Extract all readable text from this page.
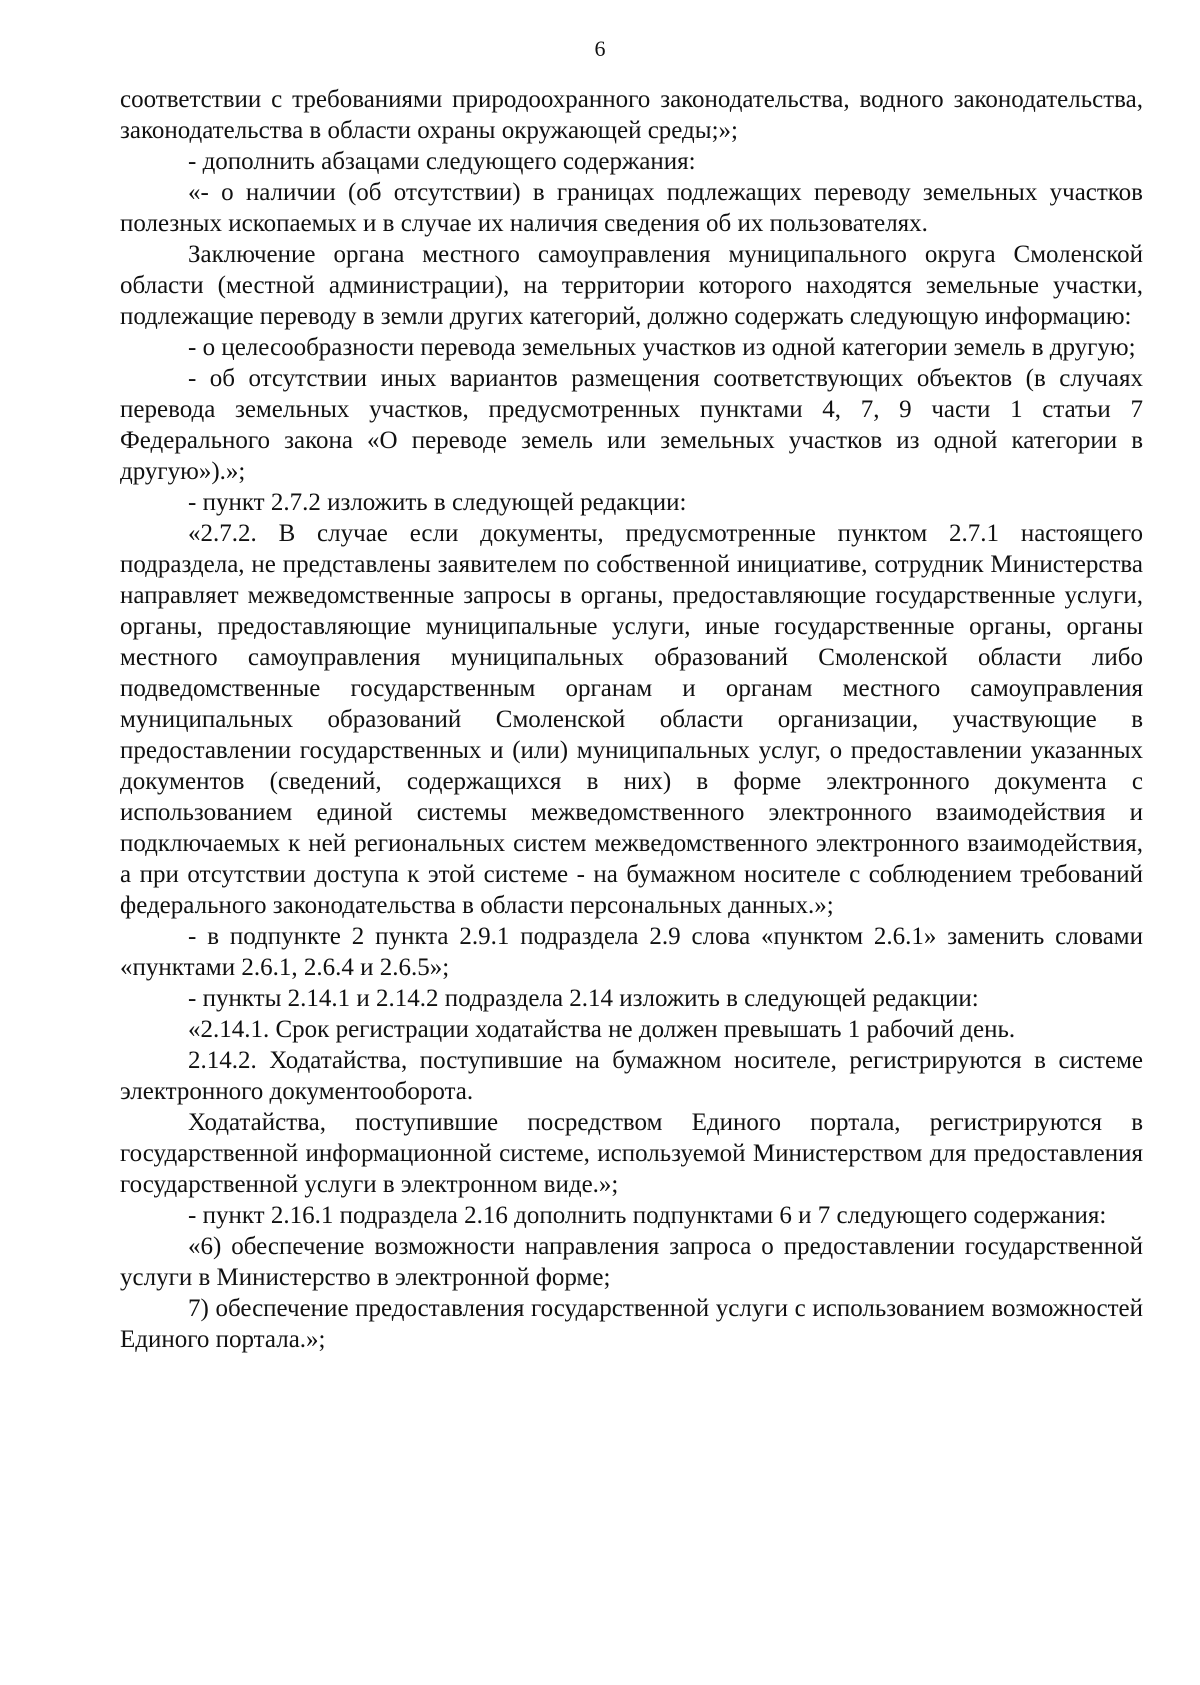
6

соответствии с требованиями природоохранного законодательства, водного законодательства, законодательства в области охраны окружающей среды;»;

- дополнить абзацами следующего содержания:

«- о наличии (об отсутствии) в границах подлежащих переводу земельных участков полезных ископаемых и в случае их наличия сведения об их пользователях.

Заключение органа местного самоуправления муниципального округа Смоленской области (местной администрации), на территории которого находятся земельные участки, подлежащие переводу в земли других категорий, должно содержать следующую информацию:

- о целесообразности перевода земельных участков из одной категории земель в другую;

- об отсутствии иных вариантов размещения соответствующих объектов (в случаях перевода земельных участков, предусмотренных пунктами 4, 7, 9 части 1 статьи 7 Федерального закона «О переводе земель или земельных участков из одной категории в другую»).»;

- пункт 2.7.2 изложить в следующей редакции:

«2.7.2. В случае если документы, предусмотренные пунктом 2.7.1 настоящего подраздела, не представлены заявителем по собственной инициативе, сотрудник Министерства направляет межведомственные запросы в органы, предоставляющие государственные услуги, органы, предоставляющие муниципальные услуги, иные государственные органы, органы местного самоуправления муниципальных образований Смоленской области либо подведомственные государственным органам и органам местного самоуправления муниципальных образований Смоленской области организации, участвующие в предоставлении государственных и (или) муниципальных услуг, о предоставлении указанных документов (сведений, содержащихся в них) в форме электронного документа с использованием единой системы межведомственного электронного взаимодействия и подключаемых к ней региональных систем межведомственного электронного взаимодействия, а при отсутствии доступа к этой системе - на бумажном носителе с соблюдением требований федерального законодательства в области персональных данных.»;

- в подпункте 2 пункта 2.9.1 подраздела 2.9 слова «пунктом 2.6.1» заменить словами «пунктами 2.6.1, 2.6.4 и 2.6.5»;

- пункты 2.14.1 и 2.14.2 подраздела 2.14 изложить в следующей редакции:

«2.14.1. Срок регистрации ходатайства не должен превышать 1 рабочий день.

2.14.2. Ходатайства, поступившие на бумажном носителе, регистрируются в системе электронного документооборота.

Ходатайства, поступившие посредством Единого портала, регистрируются в государственной информационной системе, используемой Министерством для предоставления государственной услуги в электронном виде.»;

- пункт 2.16.1 подраздела 2.16 дополнить подпунктами 6 и 7 следующего содержания:

«6) обеспечение возможности направления запроса о предоставлении государственной услуги в Министерство в электронной форме;

7) обеспечение предоставления государственной услуги с использованием возможностей Единого портала.»;
